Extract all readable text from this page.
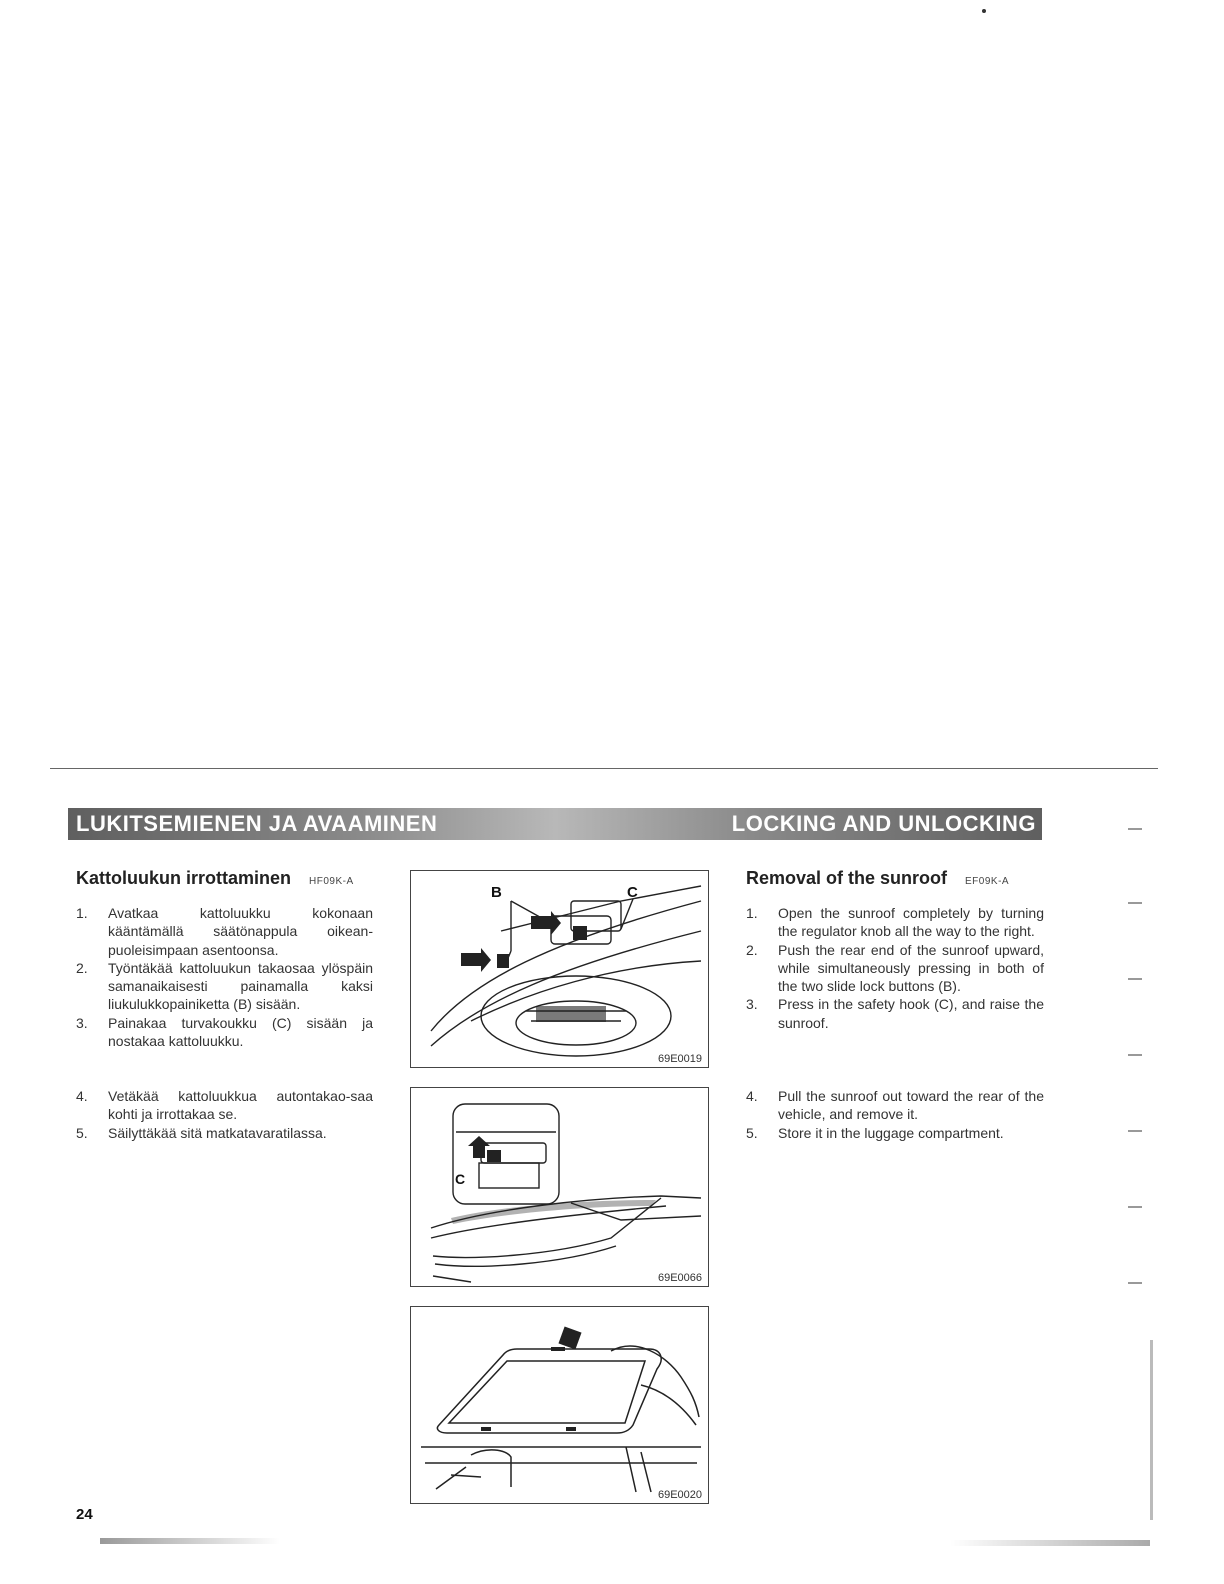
LUKITSEMIENEN JA AVAAMINEN	LOCKING AND UNLOCKING
Kattoluukun irrottaminen HF09K-A
1. Avatkaa kattoluukku kokonaan kääntämällä säätönappula oikean-puoleisimpaan asentoonsa.
2. Työntäkää kattoluukun takaosaa ylöspäin samanaikaisesti painamalla kaksi liukulukkopainiketta (B) sisään.
3. Painakaa turvakoukku (C) sisään ja nostakaa kattoluukku.
4. Vetäkää kattoluukkua autontakao-saa kohti ja irrottakaa se.
5. Säilyttäkää sitä matkatavaratilassa.
Removal of the sunroof EF09K-A
1. Open the sunroof completely by turning the regulator knob all the way to the right.
2. Push the rear end of the sunroof upward, while simultaneously pressing in both of the two slide lock buttons (B).
3. Press in the safety hook (C), and raise the sunroof.
4. Pull the sunroof out toward the rear of the vehicle, and remove it.
5. Store it in the luggage compartment.
B	C
69E0019
C
69E0066
69E0020
24
